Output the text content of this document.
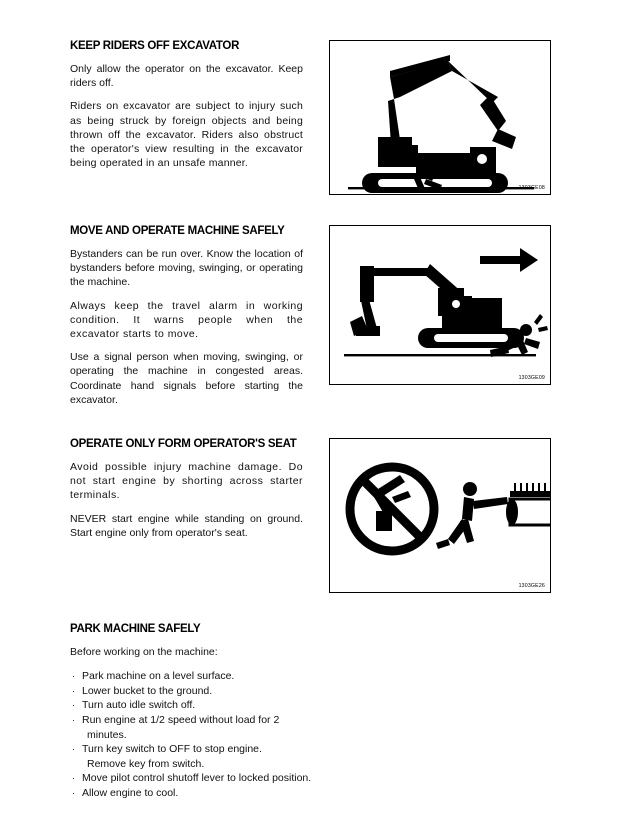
1303GE08
KEEP RIDERS OFF EXCAVATOR

Only allow the operator on the excavator. Keep riders off.

Riders on excavator are subject to injury such as being struck by foreign objects and being thrown off the excavator. Riders also obstruct the operator's view resulting in the excavator being operated in an unsafe manner.

1303GE09
MOVE AND OPERATE MACHINE SAFELY

Bystanders can be run over. Know the location of bystanders before moving, swinging, or operating the machine.

Always keep the travel alarm in working condition. It warns people when the excavator starts to move.

Use a signal person when moving, swinging, or operating the machine in congested areas. Coordinate hand signals before starting the excavator.

1303GE26
OPERATE ONLY FORM OPERATOR'S SEAT

Avoid possible injury machine damage. Do not start engine by shorting across starter terminals.

NEVER start engine while standing on ground. Start engine only from operator's seat.

PARK MACHINE SAFELY

Before working on the machine:

· Park machine on a level surface.
· Lower bucket to the ground.
· Turn auto idle switch off.
· Run engine at 1/2 speed without load for 2
minutes.
· Turn key switch to OFF to stop engine.
Remove key from switch.
· Move pilot control shutoff lever to locked position.
· Allow engine to cool.
